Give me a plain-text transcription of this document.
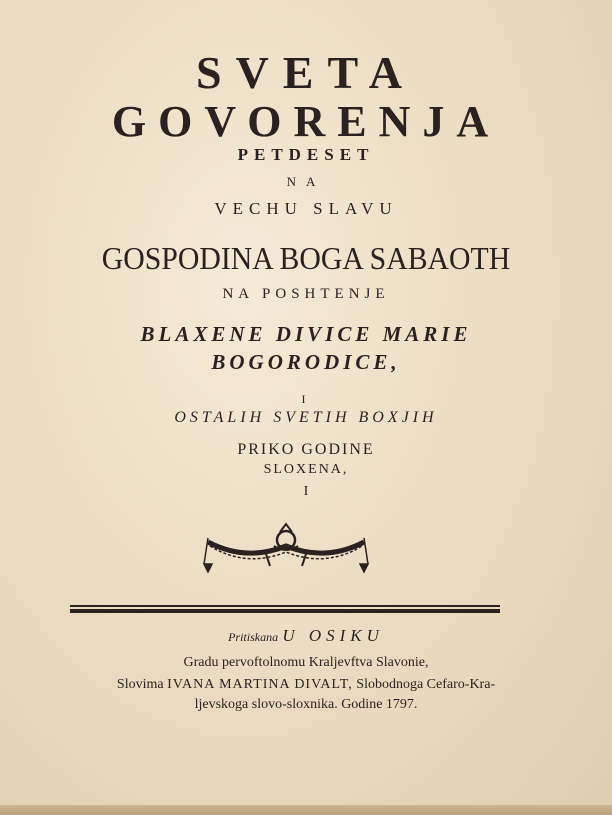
SVETA
GOVORENJA
PETDESET
NA
VECHU SLAVU
GOSPODINA BOGA SABAOTH
NA POSHTENJE
BLAXENE DIVICE MARIE
BOGORODICE,
I
OSTALIH SVETIH BOXJIH
PRIKO GODINE
SLOXENA,
I
Pritiskana U OSIKU
Gradu pervoftolnomu Kraljevftva Slavonie,
Slovima IVANA MARTINA DIVALT, Slobodnoga Cefaro-Kra-
ljevskoga slovo-sloxnika. Godine 1797.
